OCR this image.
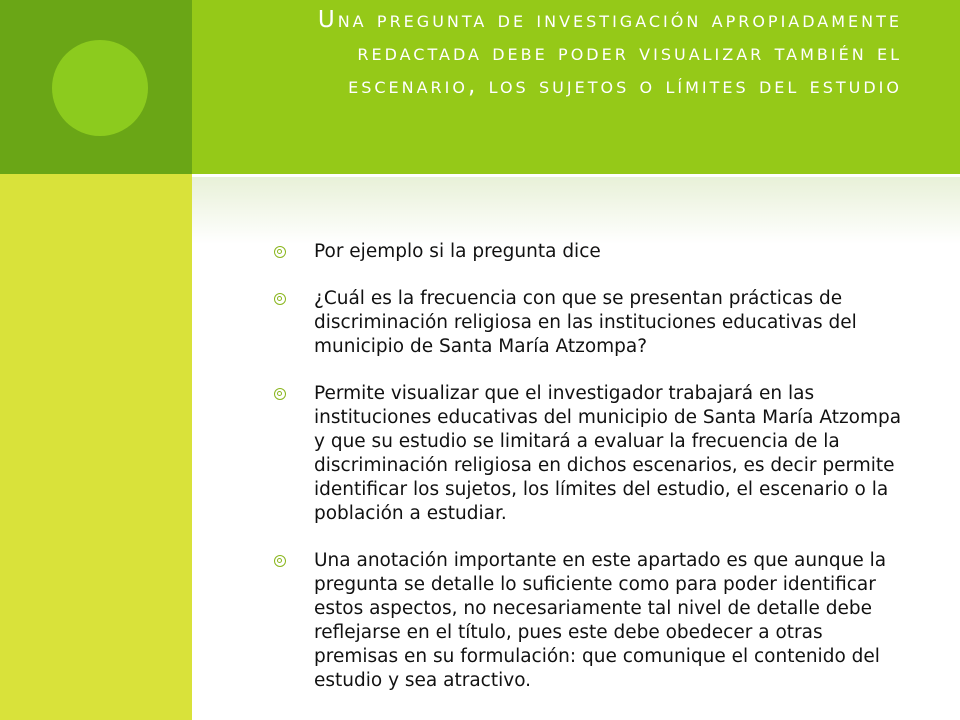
Una pregunta de investigación apropiadamente redactada debe poder visualizar también el escenario, los sujetos o límites del estudio
Por ejemplo si la pregunta dice
¿Cuál es la frecuencia con que se presentan prácticas de discriminación religiosa en las instituciones educativas del municipio de Santa María Atzompa?
Permite visualizar que el investigador trabajará en las instituciones educativas del municipio de Santa María Atzompa y que su estudio se limitará a evaluar la frecuencia de la discriminación religiosa en dichos escenarios, es decir permite identificar los sujetos, los límites del estudio, el escenario o la población a estudiar.
Una anotación importante en este apartado es que aunque la pregunta se detalle lo suficiente como para poder identificar estos aspectos, no necesariamente tal nivel de detalle debe reflejarse en el título, pues este debe obedecer a otras premisas en su formulación: que comunique el contenido del estudio y sea atractivo.
